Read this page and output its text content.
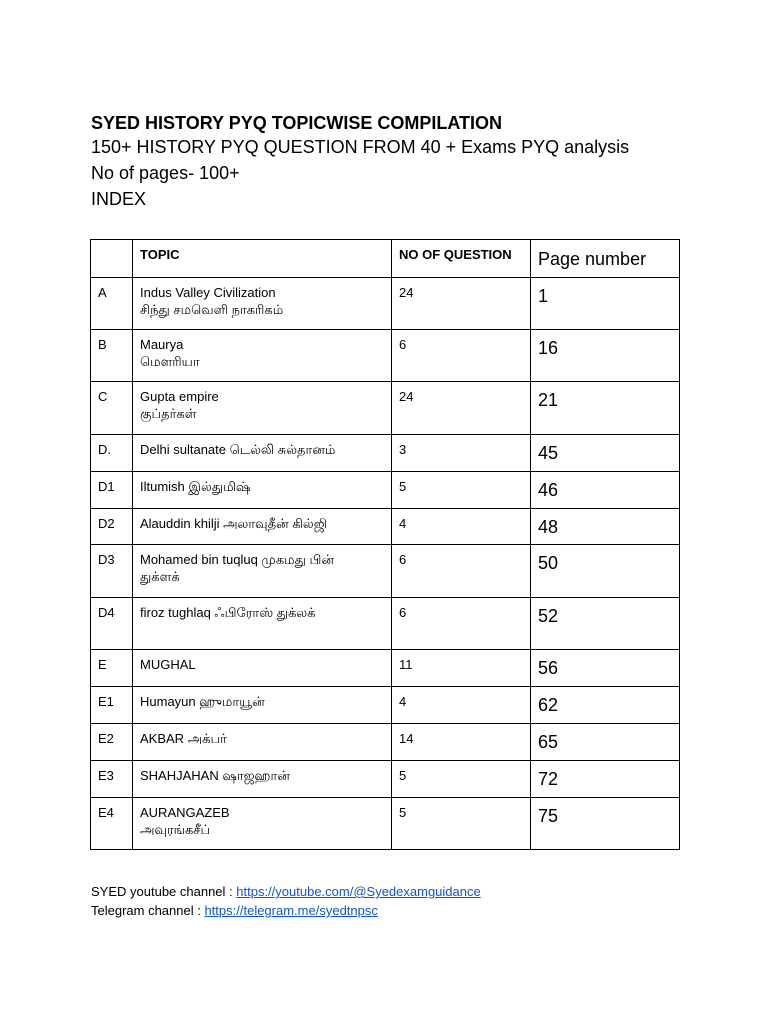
SYED HISTORY PYQ TOPICWISE COMPILATION

150+ HISTORY PYQ QUESTION FROM 40 + Exams PYQ analysis

No of pages- 100+

INDEX

	TOPIC	NO OF QUESTION	Page number

A	Indus Valley Civilization
சிந்து சமவெளி நாகரிகம்	24	1

B	Maurya
மௌரியா	6	16

C	Gupta empire
குப்தர்கள்	24	21

D.	Delhi sultanate டெல்லி சுல்தானம்	3	45

D1	Iltumish இல்துமிஷ்	5	46

D2	Alauddin khilji அலாவுதீன் கில்ஜி	4	48

D3	Mohamed bin tuqluq முகமது பின்
துக்ளக்	6	50

D4	firoz tughlaq ஃபிரோஸ் துக்லக்	6	52

E	MUGHAL	11	56

E1	Humayun ஹுமாயூன்	4	62

E2	AKBAR அக்பர்	14	65

E3	SHAHJAHAN ஷாஜஹான்	5	72

E4	AURANGAZEB
அவுரங்கசீப்	5	75
SYED youtube channel : https://youtube.com/@Syedexamguidance
Telegram channel : https://telegram.me/syedtnpsc
